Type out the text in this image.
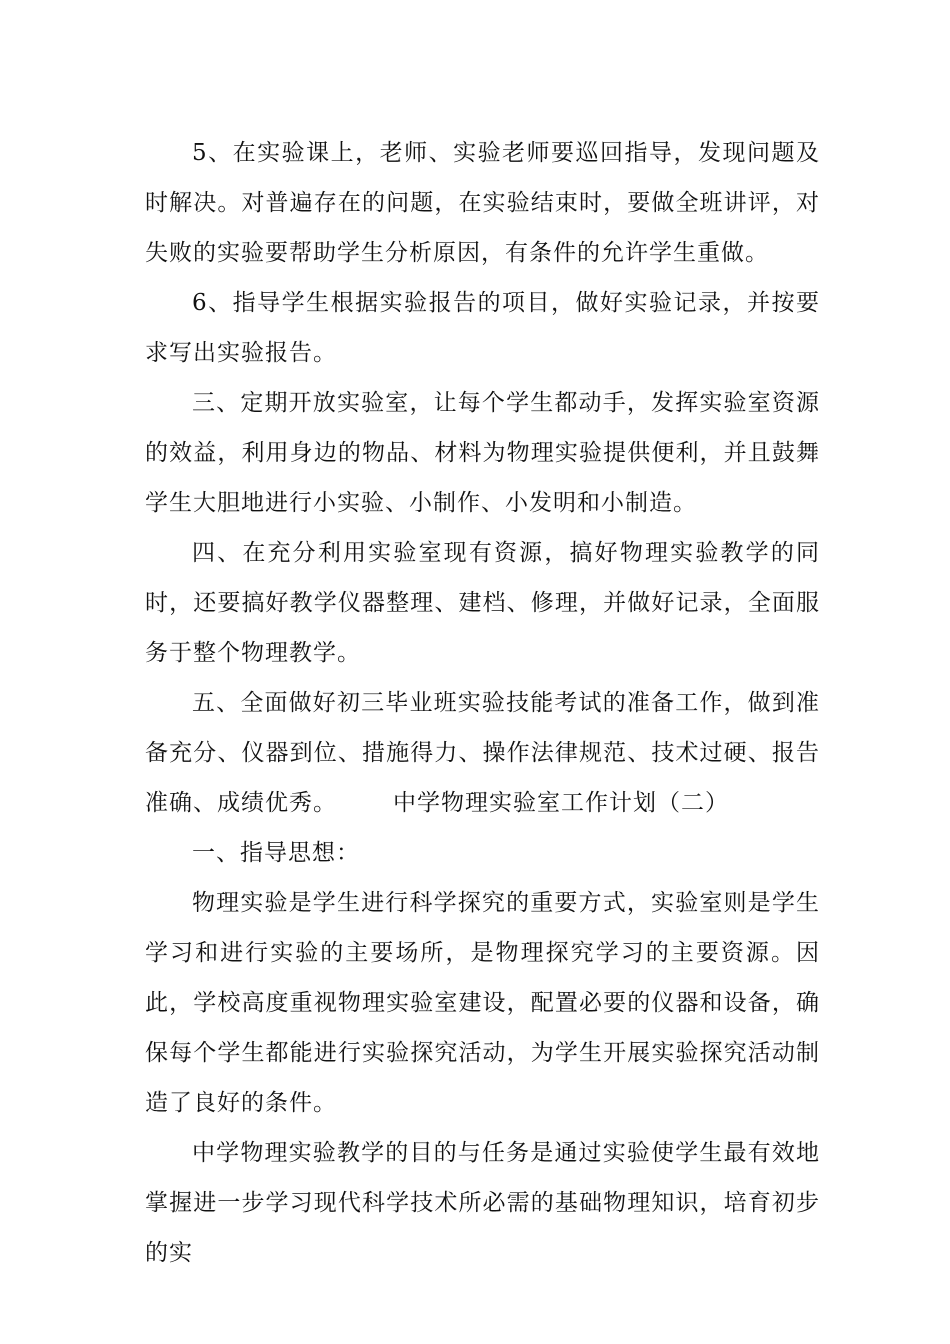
5、在实验课上，老师、实验老师要巡回指导，发现问题及时解决。对普遍存在的问题，在实验结束时，要做全班讲评，对失败的实验要帮助学生分析原因，有条件的允许学生重做。

6、指导学生根据实验报告的项目，做好实验记录，并按要求写出实验报告。

三、定期开放实验室，让每个学生都动手，发挥实验室资源的效益，利用身边的物品、材料为物理实验提供便利，并且鼓舞学生大胆地进行小实验、小制作、小发明和小制造。

四、在充分利用实验室现有资源，搞好物理实验教学的同时，还要搞好教学仪器整理、建档、修理，并做好记录，全面服务于整个物理教学。

五、全面做好初三毕业班实验技能考试的准备工作，做到准备充分、仪器到位、措施得力、操作法律规范、技术过硬、报告准确、成绩优秀。 中学物理实验室工作计划（二）

一、指导思想：

物理实验是学生进行科学探究的重要方式，实验室则是学生学习和进行实验的主要场所，是物理探究学习的主要资源。因此，学校高度重视物理实验室建设，配置必要的仪器和设备，确保每个学生都能进行实验探究活动，为学生开展实验探究活动制造了良好的条件。

中学物理实验教学的目的与任务是通过实验使学生最有效地掌握进一步学习现代科学技术所必需的基础物理知识，培育初步的实
